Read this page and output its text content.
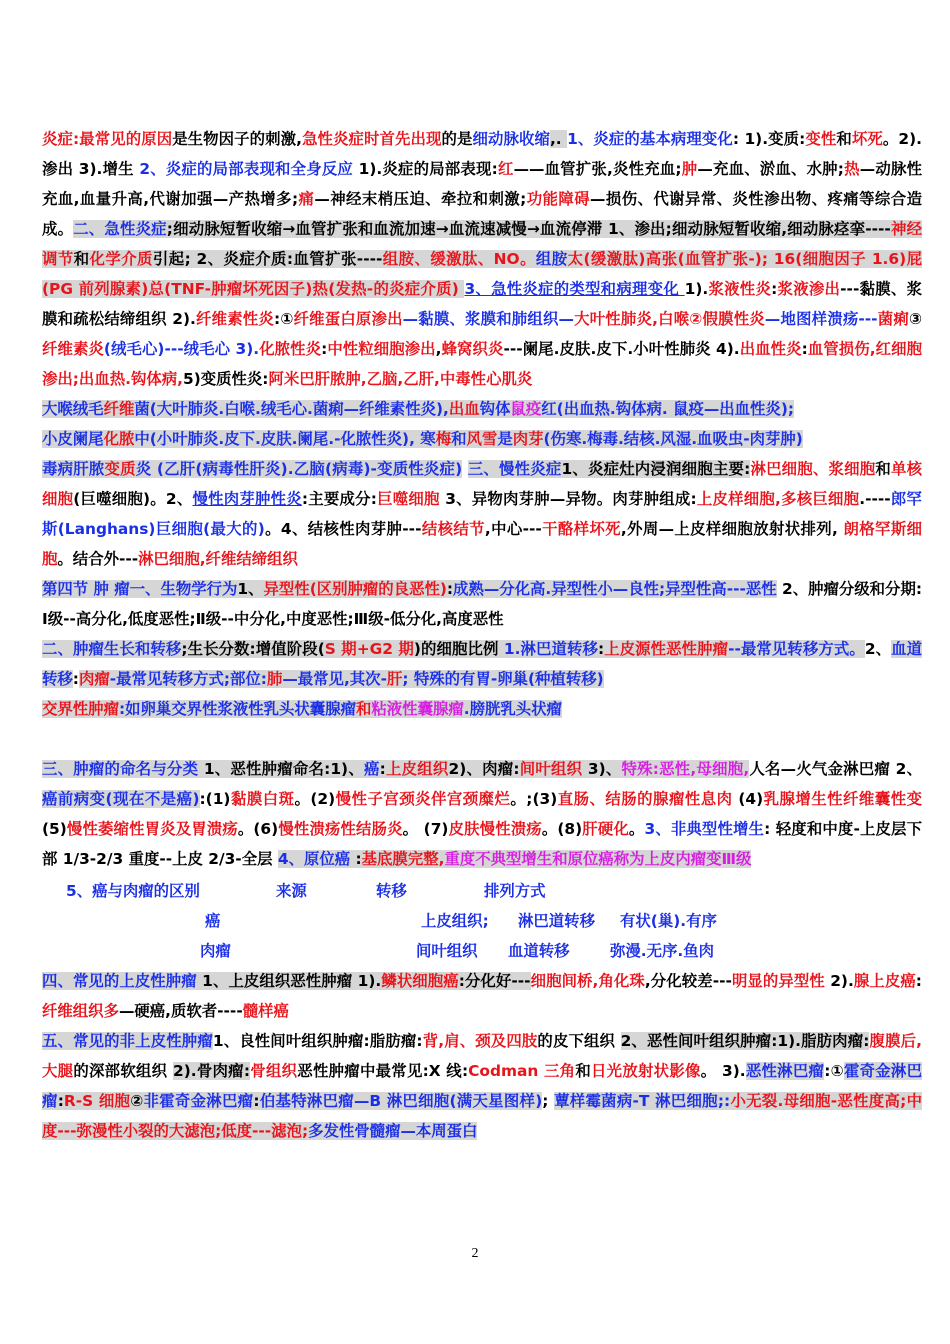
炎症:最常见的原因是生物因子的刺激,急性炎症时首先出现的是细动脉收缩,. 1、炎症的基本病理变化: 1).变质:变性和坏死。2).渗出 3).增生 2、炎症的局部表现和全身反应 1).炎症的局部表现:红——血管扩张,炎性充血;肿—充血、淤血、水肿;热—动脉性充血,血量升高,代谢加强—产热增多;痛—神经末梢压迫、牵拉和刺激;功能障碍—损伤、代谢异常、炎性渗出物、疼痛等综合造成。二、急性炎症;细动脉短暂收缩→血管扩张和血流加速→血流速减慢→血流停滞 1、渗出;细动脉短暂收缩,细动脉痉挛----神经调节和化学介质引起; 2、炎症介质:血管扩张----组胺、缓激肽、NO。组胺太(缓激肽)高张(血管扩张-); 16(细胞因子 1.6)屁(PG 前列腺素)总(TNF-肿瘤坏死因子)热(发热-的炎症介质) 3、急性炎症的类型和病理变化 1).浆液性炎:浆液渗出---黏膜、浆膜和疏松结缔组织 2).纤维素性炎:①纤维蛋白原渗出—黏膜、浆膜和肺组织—大叶性肺炎,白喉②假膜性炎—地图样溃疡---菌痢③纤维素炎(绒毛心)---绒毛心 3).化脓性炎:中性粒细胞渗出,蜂窝织炎---阑尾.皮肤.皮下.小叶性肺炎 4).出血性炎:血管损伤,红细胞渗出;出血热.钩体病,5)变质性炎:阿米巴肝脓肿,乙脑,乙肝,中毒性心肌炎

大喉绒毛纤维菌(大叶肺炎.白喉.绒毛心.菌痢—纤维素性炎),出血钩体鼠疫红(出血热.钩体病. 鼠疫—出血性炎);

小皮阑尾化脓中(小叶肺炎.皮下.皮肤.阑尾.-化脓性炎), 寒梅和风雪是肉芽(伤寒.梅毒.结核.风湿.血吸虫-肉芽肿)

毒病肝脓变质炎 (乙肝(病毒性肝炎).乙脑(病毒)-变质性炎症) 三、慢性炎症1、炎症灶内浸润细胞主要:淋巴细胞、浆细胞和单核细胞(巨噬细胞)。2、慢性肉芽肿性炎:主要成分:巨噬细胞 3、异物肉芽肿—异物。肉芽肿组成:上皮样细胞,多核巨细胞.----郎罕斯(Langhans)巨细胞(最大的)。4、结核性肉芽肿---结核结节,中心---干酪样坏死,外周—上皮样细胞放射状排列, 朗格罕斯细胞。结合外---淋巴细胞,纤维结缔组织

第四节 肿 瘤一、生物学行为1、异型性(区别肿瘤的良恶性):成熟—分化高.异型性小—良性;异型性高---恶性 2、肿瘤分级和分期: Ⅰ级--高分化,低度恶性;Ⅱ级--中分化,中度恶性;Ⅲ级-低分化,高度恶性

二、肿瘤生长和转移;生长分数:增值阶段(S 期+G2 期)的细胞比例 1.淋巴道转移:上皮源性恶性肿瘤--最常见转移方式。2、血道转移:肉瘤-最常见转移方式;部位:肺—最常见,其次-肝; 特殊的有胃-卵巢(种植转移)

交界性肿瘤:如卵巢交界性浆液性乳头状囊腺瘤和粘液性囊腺瘤.膀胱乳头状瘤

三、肿瘤的命名与分类 1、恶性肿瘤命名:1)、癌:上皮组织2)、肉瘤:间叶组织 3)、特殊:恶性,母细胞,人名—火气金淋巴瘤 2、癌前病变(现在不是癌):(1)黏膜白斑。(2)慢性子宫颈炎伴宫颈糜烂。;(3)直肠、结肠的腺瘤性息肉 (4)乳腺增生性纤维囊性变 (5)慢性萎缩性胃炎及胃溃疡。(6)慢性溃疡性结肠炎。 (7)皮肤慢性溃疡。(8)肝硬化。3、非典型性增生: 轻度和中度-上皮层下部 1/3-2/3 重度--上皮 2/3-全层 4、原位癌 :基底膜完整,重度不典型增生和原位癌称为上皮内瘤变Ⅲ级

5、癌与肉瘤的区别	来源	转移	排列方式
癌	上皮组织;	淋巴道转移	有状(巢).有序
肉瘤	间叶组织	血道转移	弥漫.无序.鱼肉

四、常见的上皮性肿瘤 1、上皮组织恶性肿瘤 1).鳞状细胞癌:分化好---细胞间桥,角化珠,分化较差---明显的异型性 2).腺上皮癌:纤维组织多—硬癌,质软者----髓样癌

五、常见的非上皮性肿瘤1、良性间叶组织肿瘤:脂肪瘤:背,肩、颈及四肢的皮下组织 2、恶性间叶组织肿瘤:1).脂肪肉瘤:腹膜后,大腿的深部软组织 2).骨肉瘤:骨组织恶性肿瘤中最常见:X 线:Codman 三角和日光放射状影像。 3).恶性淋巴瘤:①霍奇金淋巴瘤:R-S 细胞②非霍奇金淋巴瘤:伯基特淋巴瘤—B 淋巴细胞(满天星图样); 蕈样霉菌病-T 淋巴细胞;:小无裂.母细胞-恶性度高;中度---弥漫性小裂的大滤泡;低度---滤泡;多发性骨髓瘤—本周蛋白

2
